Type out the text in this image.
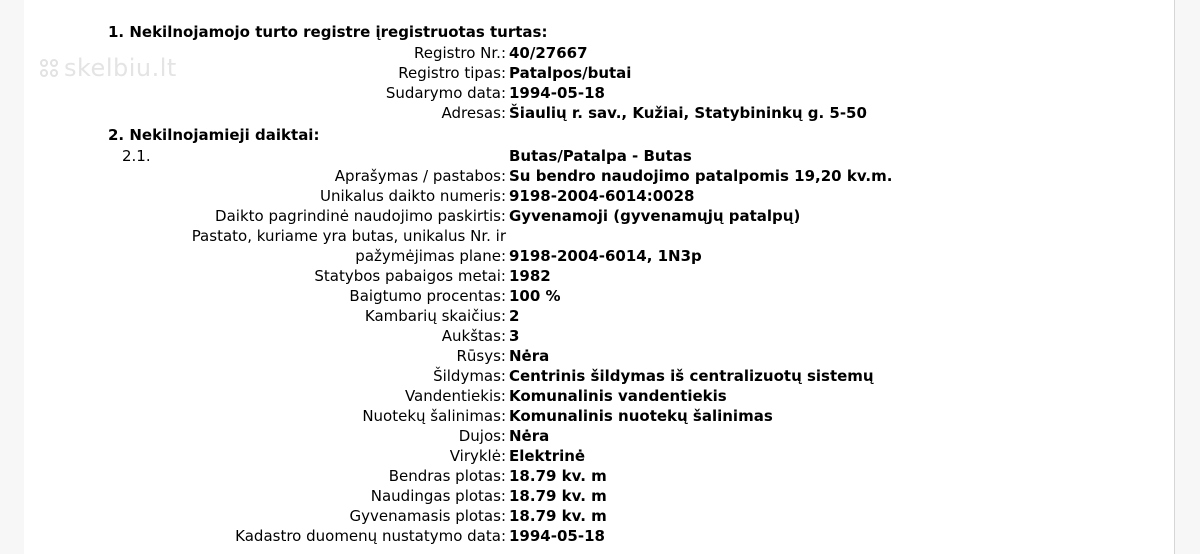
skelbiu.lt
1. Nekilnojamojo turto registre įregistruotas turtas:
Registro Nr.: 40/27667
Registro tipas: Patalpos/butai
Sudarymo data: 1994-05-18
Adresas: Šiaulių r. sav., Kužiai, Statybininkų g. 5-50
2. Nekilnojamieji daiktai:
2.1.	Butas/Patalpa - Butas
Aprašymas / pastabos: Su bendro naudojimo patalpomis 19,20 kv.m.
Unikalus daikto numeris: 9198-2004-6014:0028
Daikto pagrindinė naudojimo paskirtis: Gyvenamoji (gyvenamųjų patalpų)
Pastato, kuriame yra butas, unikalus Nr. ir
pažymėjimas plane: 9198-2004-6014, 1N3p
Statybos pabaigos metai: 1982
Baigtumo procentas: 100 %
Kambarių skaičius: 2
Aukštas: 3
Rūsys: Nėra
Šildymas: Centrinis šildymas iš centralizuotų sistemų
Vandentiekis: Komunalinis vandentiekis
Nuotekų šalinimas: Komunalinis nuotekų šalinimas
Dujos: Nėra
Viryklė: Elektrinė
Bendras plotas: 18.79 kv. m
Naudingas plotas: 18.79 kv. m
Gyvenamasis plotas: 18.79 kv. m
Kadastro duomenų nustatymo data: 1994-05-18
